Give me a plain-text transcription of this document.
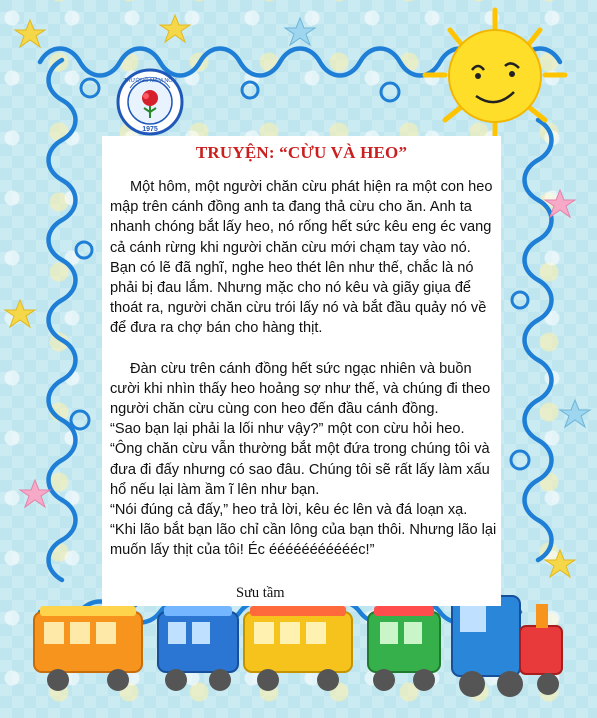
TRƯỜNG MẦM NON
1975
TRUYỆN: “CỪU VÀ HEO”

Một hôm, một người chăn cừu phát hiện ra một con heo mập trên cánh đồng anh ta đang thả cừu cho ăn. Anh ta nhanh chóng bắt lấy heo, nó rống hết sức kêu eng éc vang cả cánh rừng khi người chăn cừu mới chạm tay vào nó. Bạn có lẽ đã nghĩ, nghe heo thét lên như thế, chắc là nó phải bị đau lắm. Nhưng mặc cho nó kêu và giãy giụa để thoát ra, người chăn cừu trói lấy nó và bắt đầu quảy nó về để đưa ra chợ bán cho hàng thịt.

Đàn cừu trên cánh đồng hết sức ngạc nhiên và buồn cười khi nhìn thấy heo hoảng sợ như thế, và chúng đi theo người chăn cừu cùng con heo đến đầu cánh đồng.

“Sao bạn lại phải la lối như vậy?” một con cừu hỏi heo.

“Ông chăn cừu vẫn thường bắt một đứa trong chúng tôi và đưa đi đấy nhưng có sao đâu. Chúng tôi sẽ rất lấy làm xấu hổ nếu lại làm ầm ĩ lên như bạn.

“Nói đúng cả đấy,” heo trả lời, kêu éc lên và đá loạn xạ. “Khi lão bắt bạn lão chỉ cần lông của bạn thôi. Nhưng lão lại muốn lấy thịt của tôi! Éc éééééééééééc!”

Sưu tầm
